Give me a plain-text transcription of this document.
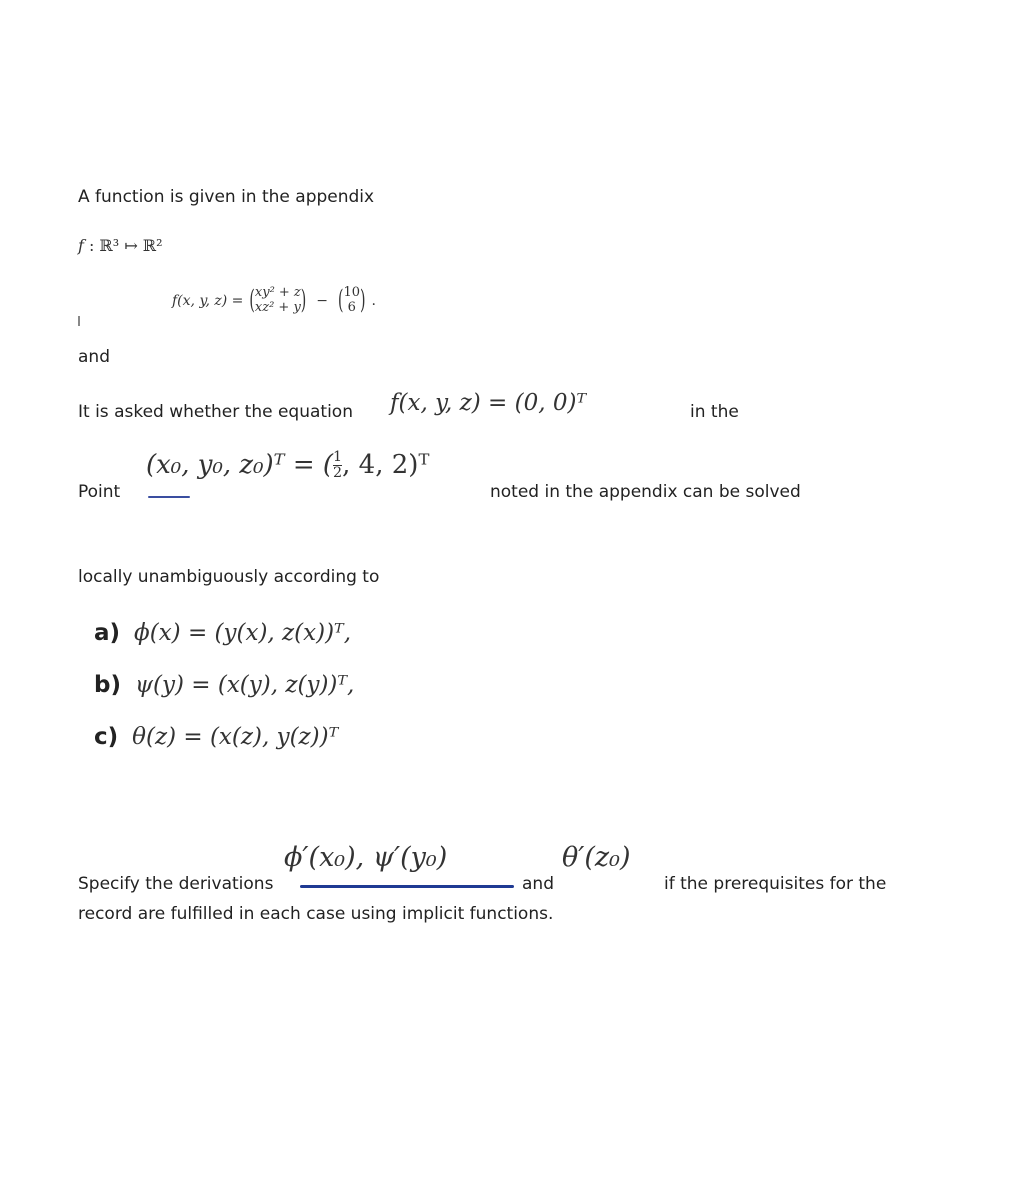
A function is given in the appendix
f : ℝ³ ↦ ℝ²
f(x, y, z) = ( xy² + z
xz² + y ) − ( 10
6 ) .
and
It is asked whether the equation f(x, y, z) = (0, 0)ᵀ	in the
Point
(x₀, y₀, z₀)ᵀ = ( $\frac{1}{2}$ , 4, 2)ᵀ
noted in the appendix can be solved
locally unambiguously according to
a) ϕ(x) = (y(x), z(x))ᵀ,
b) ψ(y) = (x(y), z(y))ᵀ,
c) θ(z) = (x(z), y(z))ᵀ
Specify the derivations
ϕ′(x₀), ψ′(y₀)
and
θ′(z₀)
if the prerequisites for the
record are fulfilled in each case using implicit functions.
